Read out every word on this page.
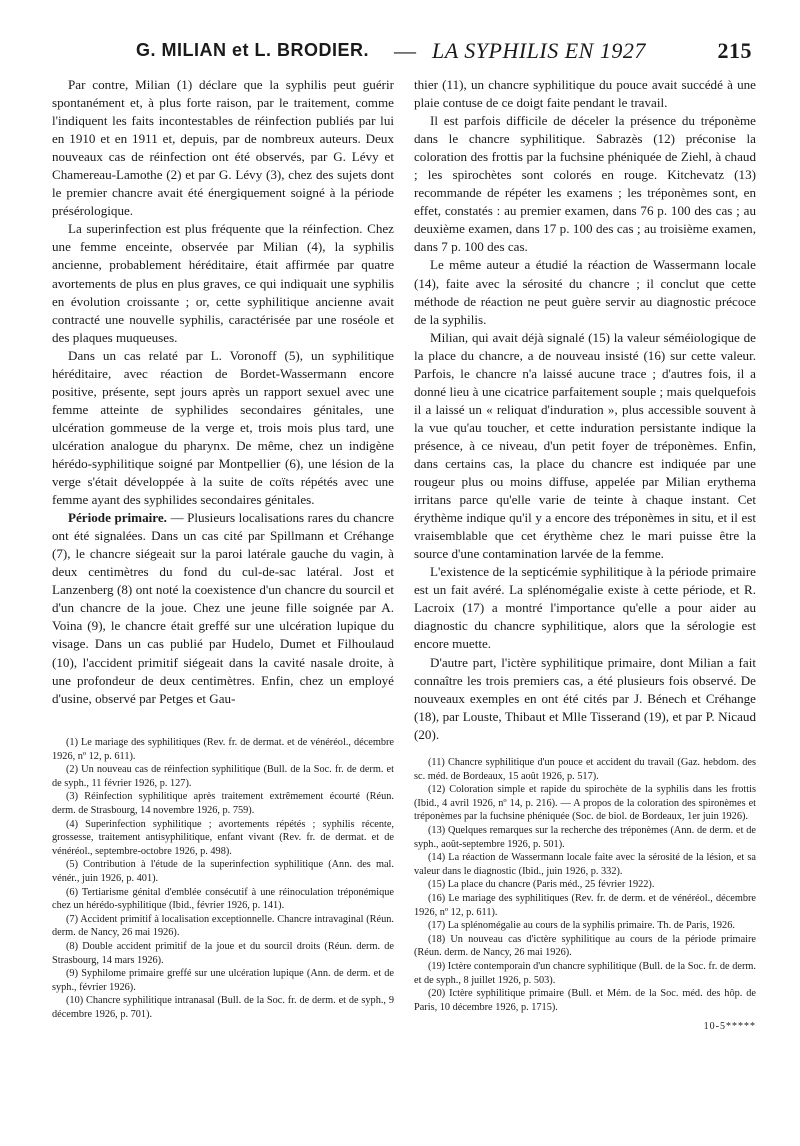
G. MILIAN et L. BRODIER. — LA SYPHILIS EN 1927	215

Par contre, Milian (1) déclare que la syphilis peut guérir spontanément et, à plus forte raison, par le traitement, comme l'indiquent les faits incontestables de réinfection publiés par lui en 1910 et en 1911 et, depuis, par de nombreux auteurs. Deux nouveaux cas de réinfection ont été observés, par G. Lévy et Chamereau-Lamothe (2) et par G. Lévy (3), chez des sujets dont le premier chancre avait été énergiquement soigné à la période présérologique.

La superinfection est plus fréquente que la réinfection. Chez une femme enceinte, observée par Milian (4), la syphilis ancienne, probablement héréditaire, était affirmée par quatre avortements de plus en plus graves, ce qui indiquait une syphilis en évolution croissante ; or, cette syphilitique ancienne avait contracté une nouvelle syphilis, caractérisée par une roséole et des plaques muqueuses.

Dans un cas relaté par L. Voronoff (5), un syphilitique héréditaire, avec réaction de Bordet-Wassermann encore positive, présente, sept jours après un rapport sexuel avec une femme atteinte de syphilides secondaires génitales, une ulcération gommeuse de la verge et, trois mois plus tard, une ulcération analogue du pharynx. De même, chez un indigène hérédo-syphilitique soigné par Montpellier (6), une lésion de la verge s'était développée à la suite de coïts répétés avec une femme ayant des syphilides secondaires génitales.

Période primaire. — Plusieurs localisations rares du chancre ont été signalées. Dans un cas cité par Spillmann et Créhange (7), le chancre siégeait sur la paroi latérale gauche du vagin, à deux centimètres du fond du cul-de-sac latéral. Jost et Lanzenberg (8) ont noté la coexistence d'un chancre du sourcil et d'un chancre de la joue. Chez une jeune fille soignée par A. Voina (9), le chancre était greffé sur une ulcération lupique du visage. Dans un cas publié par Hudelo, Dumet et Filhoulaud (10), l'accident primitif siégeait dans la cavité nasale droite, à une profondeur de deux centimètres. Enfin, chez un employé d'usine, observé par Petges et Gau-

(1) Le mariage des syphilitiques (Rev. fr. de dermat. et de vénéréol., décembre 1926, nº 12, p. 611).

(2) Un nouveau cas de réinfection syphilitique (Bull. de la Soc. fr. de derm. et de syph., 11 février 1926, p. 127).

(3) Réinfection syphilitique après traitement extrêmement écourté (Réun. derm. de Strasbourg, 14 novembre 1926, p. 759).

(4) Superinfection syphilitique ; avortements répétés ; syphilis récente, grossesse, traitement antisyphilitique, enfant vivant (Rev. fr. de dermat. et de vénéréol., septembre-octobre 1926, p. 498).

(5) Contribution à l'étude de la superinfection syphilitique (Ann. des mal. vénér., juin 1926, p. 401).

(6) Tertiarisme génital d'emblée consécutif à une réinoculation tréponémique chez un hérédo-syphilitique (Ibid., février 1926, p. 141).

(7) Accident primitif à localisation exceptionnelle. Chancre intravaginal (Réun. derm. de Nancy, 26 mai 1926).

(8) Double accident primitif de la joue et du sourcil droits (Réun. derm. de Strasbourg, 14 mars 1926).

(9) Syphilome primaire greffé sur une ulcération lupique (Ann. de derm. et de syph., février 1926).

(10) Chancre syphilitique intranasal (Bull. de la Soc. fr. de derm. et de syph., 9 décembre 1926, p. 701).

thier (11), un chancre syphilitique du pouce avait succédé à une plaie contuse de ce doigt faite pendant le travail.

Il est parfois difficile de déceler la présence du tréponème dans le chancre syphilitique. Sabrazès (12) préconise la coloration des frottis par la fuchsine phéniquée de Ziehl, à chaud ; les spirochètes sont colorés en rouge. Kitchevatz (13) recommande de répéter les examens ; les tréponèmes sont, en effet, constatés : au premier examen, dans 76 p. 100 des cas ; au deuxième examen, dans 17 p. 100 des cas ; au troisième examen, dans 7 p. 100 des cas.

Le même auteur a étudié la réaction de Wassermann locale (14), faite avec la sérosité du chancre ; il conclut que cette méthode de réaction ne peut guère servir au diagnostic précoce de la syphilis.

Milian, qui avait déjà signalé (15) la valeur séméiologique de la place du chancre, a de nouveau insisté (16) sur cette valeur. Parfois, le chancre n'a laissé aucune trace ; d'autres fois, il a donné lieu à une cicatrice parfaitement souple ; mais quelquefois il a laissé un « reliquat d'induration », plus accessible souvent à la vue qu'au toucher, et cette induration persistante indique la présence, à ce niveau, d'un petit foyer de tréponèmes. Enfin, dans certains cas, la place du chancre est indiquée par une rougeur plus ou moins diffuse, appelée par Milian erythema irritans parce qu'elle varie de teinte à chaque instant. Cet érythème indique qu'il y a encore des tréponèmes in situ, et il est vraisemblable que cet érythème chez le mari puisse être la source d'une contamination larvée de la femme.

L'existence de la septicémie syphilitique à la période primaire est un fait avéré. La splénomégalie existe à cette période, et R. Lacroix (17) a montré l'importance qu'elle a pour aider au diagnostic du chancre syphilitique, alors que la sérologie est encore muette.

D'autre part, l'ictère syphilitique primaire, dont Milian a fait connaître les trois premiers cas, a été plusieurs fois observé. De nouveaux exemples en ont été cités par J. Bénech et Créhange (18), par Louste, Thibaut et Mlle Tisserand (19), et par P. Nicaud (20).

(11) Chancre syphilitique d'un pouce et accident du travail (Gaz. hebdom. des sc. méd. de Bordeaux, 15 août 1926, p. 517).

(12) Coloration simple et rapide du spirochète de la syphilis dans les frottis (Ibid., 4 avril 1926, nº 14, p. 216). — A propos de la coloration des spironèmes et tréponèmes par la fuchsine phéniquée (Soc. de biol. de Bordeaux, 1er juin 1926).

(13) Quelques remarques sur la recherche des tréponèmes (Ann. de derm. et de syph., août-septembre 1926, p. 501).

(14) La réaction de Wassermann locale faite avec la sérosité de la lésion, et sa valeur dans le diagnostic (Ibid., juin 1926, p. 332).

(15) La place du chancre (Paris méd., 25 février 1922).

(16) Le mariage des syphilitiques (Rev. fr. de derm. et de vénéréol., décembre 1926, nº 12, p. 611).

(17) La splénomégalie au cours de la syphilis primaire. Th. de Paris, 1926.

(18) Un nouveau cas d'ictère syphilitique au cours de la période primaire (Réun. derm. de Nancy, 26 mai 1926).

(19) Ictère contemporain d'un chancre syphilitique (Bull. de la Soc. fr. de derm. et de syph., 8 juillet 1926, p. 503).

(20) Ictère syphilitique primaire (Bull. et Mém. de la Soc. méd. des hôp. de Paris, 10 décembre 1926, p. 1715).

10-5*****
